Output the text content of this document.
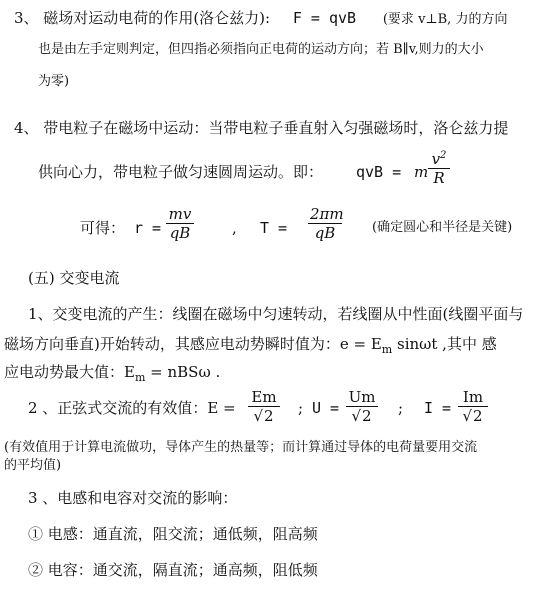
3、 磁场对运动电荷的作用(洛仑兹力): F = qvB (要求 v⊥B, 力的方向
也是由左手定则判定，但四指必须指向正电荷的运动方向；若 B∥v,则力的大小
为零)
4、 带电粒子在磁场中运动：当带电粒子垂直射入匀强磁场时，洛仑兹力提
供向心力，带电粒子做匀速圆周运动。即： qvB = m $\frac{v^2}{R}$
可得： $r = \frac{mv}{qB}$	, $T = \frac{2\pi m}{qB}$ (确定圆心和半径是关键)
(五) 交变电流
1、交变电流的产生：线圈在磁场中匀速转动，若线圈从中性面(线圈平面与
磁场方向垂直)开始转动，其感应电动势瞬时值为：$e = E_m$ sinωt ,其中 感
应电动势最大值：$E_m = nBS\omega$ .
2 、正弦式交流的有效值：$E = \frac{Em}{√2}$ ; $U = \frac{Um}{√2}$ ; $I = \frac{Im}{√2}$
(有效值用于计算电流做功，导体产生的热量等；而计算通过导体的电荷量要用交流
的平均值)
3 、电感和电容对交流的影响：
① 电感：通直流，阻交流；通低频，阻高频
② 电容：通交流，隔直流；通高频，阻低频
